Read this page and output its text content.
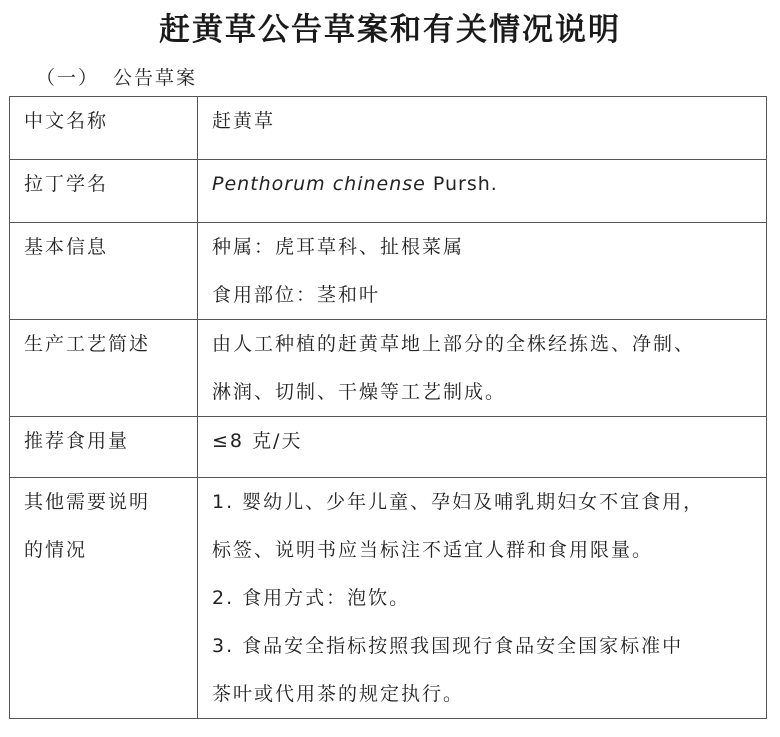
赶黄草公告草案和有关情况说明
（一） 公告草案
中文名称	赶黄草

拉丁学名	Penthorum chinense Pursh.
基本信息	种属：虎耳草科、扯根菜属
食用部位：茎和叶

生产工艺简述	由人工种植的赶黄草地上部分的全株经拣选、净制、
淋润、切制、干燥等工艺制成。

推荐食用量	≤8 克/天

其他需要说明
的情况	1. 婴幼儿、少年儿童、孕妇及哺乳期妇女不宜食用，
标签、说明书应当标注不适宜人群和食用限量。
2. 食用方式：泡饮。
3. 食品安全指标按照我国现行食品安全国家标准中
茶叶或代用茶的规定执行。
